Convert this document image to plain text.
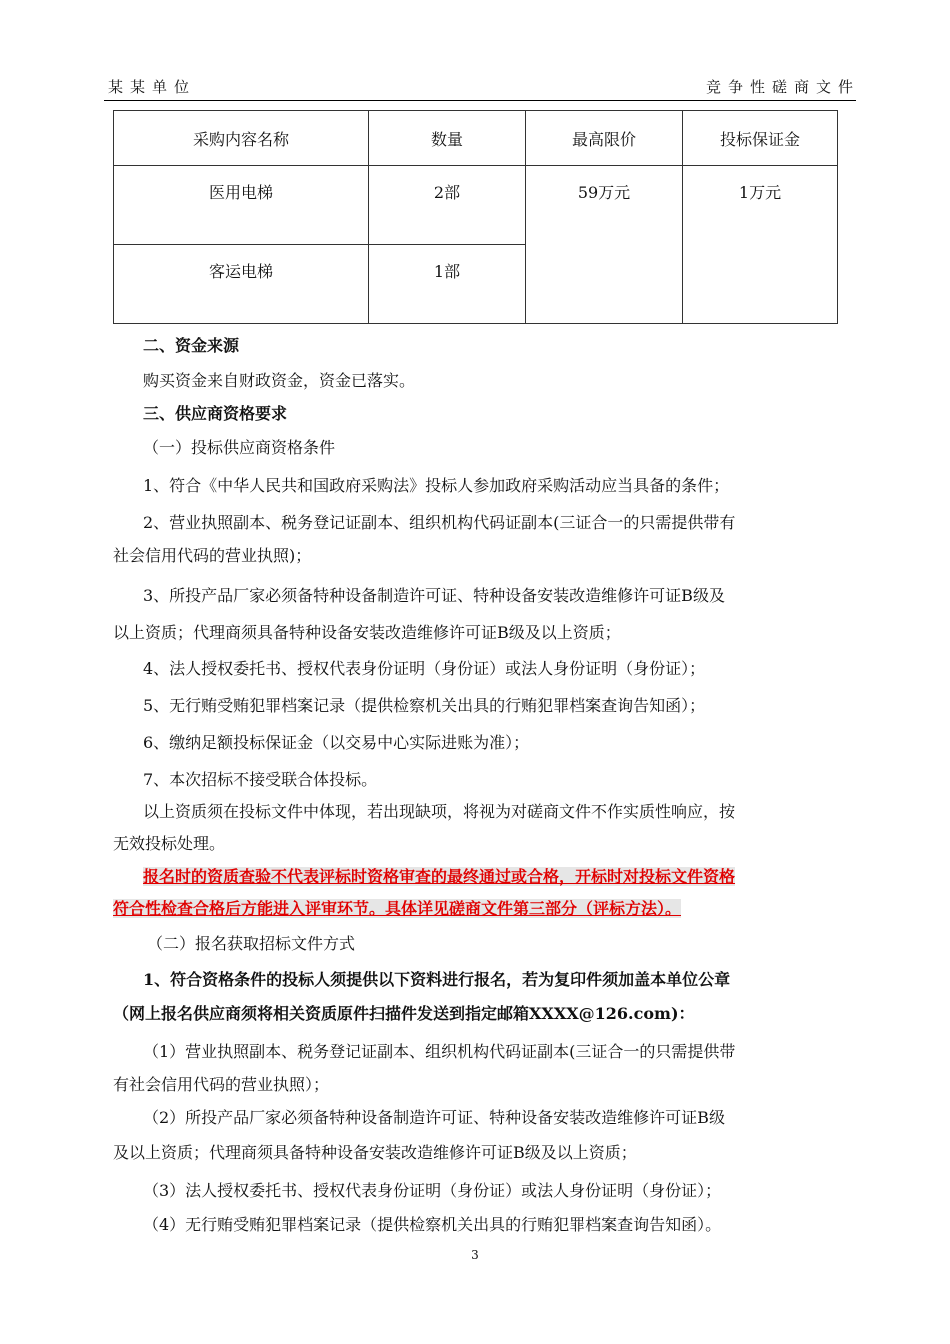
某某单位	竞争性磋商文件
采购内容名称	数量	最高限价	投标保证金
医用电梯	2部	59万元	1万元
客运电梯	1部		
二、资金来源
购买资金来自财政资金，资金已落实。
三、供应商资格要求
（一）投标供应商资格条件
1、符合《中华人民共和国政府采购法》投标人参加政府采购活动应当具备的条件；
2、营业执照副本、税务登记证副本、组织机构代码证副本(三证合一的只需提供带有
社会信用代码的营业执照)；
3、所投产品厂家必须备特种设备制造许可证、特种设备安装改造维修许可证B级及
以上资质；代理商须具备特种设备安装改造维修许可证B级及以上资质；
4、法人授权委托书、授权代表身份证明（身份证）或法人身份证明（身份证）；
5、无行贿受贿犯罪档案记录（提供检察机关出具的行贿犯罪档案查询告知函）；
6、缴纳足额投标保证金（以交易中心实际进账为准）；
7、本次招标不接受联合体投标。
以上资质须在投标文件中体现，若出现缺项，将视为对磋商文件不作实质性响应，按
无效投标处理。
报名时的资质查验不代表评标时资格审查的最终通过或合格，开标时对投标文件资格
符合性检查合格后方能进入评审环节。具体详见磋商文件第三部分（评标方法）。
（二）报名获取招标文件方式
1、符合资格条件的投标人须提供以下资料进行报名，若为复印件须加盖本单位公章
（网上报名供应商须将相关资质原件扫描件发送到指定邮箱XXXX@126.com)：
（1）营业执照副本、税务登记证副本、组织机构代码证副本(三证合一的只需提供带
有社会信用代码的营业执照）；
（2）所投产品厂家必须备特种设备制造许可证、特种设备安装改造维修许可证B级
及以上资质；代理商须具备特种设备安装改造维修许可证B级及以上资质；
（3）法人授权委托书、授权代表身份证明（身份证）或法人身份证明（身份证）；
（4）无行贿受贿犯罪档案记录（提供检察机关出具的行贿犯罪档案查询告知函）。
3
